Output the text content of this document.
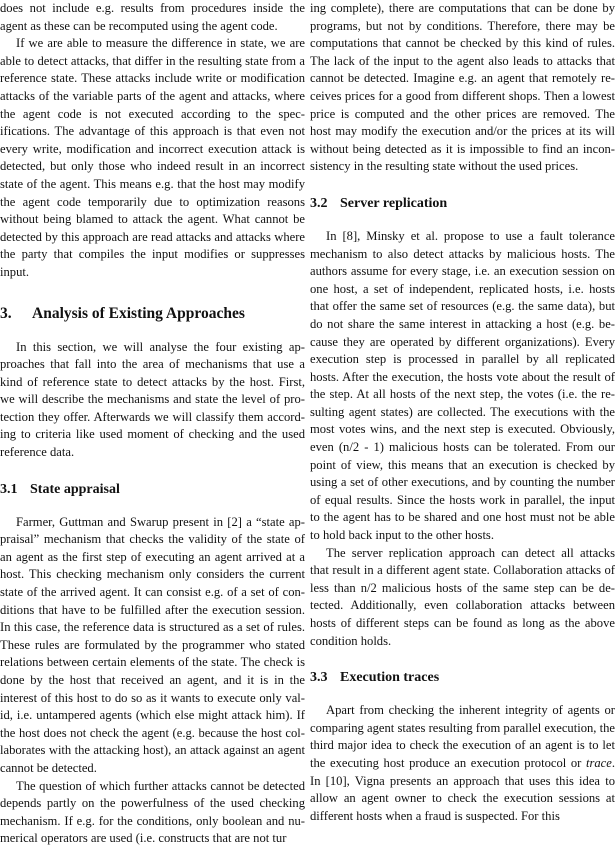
does not include e.g. results from procedures inside the agent as these can be recomputed using the agent code.

If we are able to measure the difference in state, we are able to detect attacks, that differ in the resulting state from a reference state. These attacks include write or modification attacks of the variable parts of the agent and attacks, where the agent code is not executed according to the specifications. The advantage of this approach is that even not every write, modification and incorrect execution attack is detected, but only those who indeed result in an incorrect state of the agent. This means e.g. that the host may modify the agent code temporarily due to optimization reasons without being blamed to attack the agent. What cannot be detected by this approach are read attacks and attacks where the party that compiles the input modifies or suppresses input.

3. Analysis of Existing Approaches

In this section, we will analyse the four existing approaches that fall into the area of mechanisms that use a kind of reference state to detect attacks by the host. First, we will describe the mechanisms and state the level of protection they offer. Afterwards we will classify them according to criteria like used moment of checking and the used reference data.

3.1 State appraisal

Farmer, Guttman and Swarup present in [2] a “state appraisal” mechanism that checks the validity of the state of an agent as the first step of executing an agent arrived at a host. This checking mechanism only considers the current state of the arrived agent. It can consist e.g. of a set of conditions that have to be fulfilled after the execution session. In this case, the reference data is structured as a set of rules. These rules are formulated by the programmer who stated relations between certain elements of the state. The check is done by the host that received an agent, and it is in the interest of this host to do so as it wants to execute only valid, i.e. untampered agents (which else might attack him). If the host does not check the agent (e.g. because the host collaborates with the attacking host), an attack against an agent cannot be detected.

The question of which further attacks cannot be detected depends partly on the powerfulness of the used checking mechanism. If e.g. for the conditions, only boolean and numerical operators are used (i.e. constructs that are not tur

ing complete), there are computations that can be done by programs, but not by conditions. Therefore, there may be computations that cannot be checked by this kind of rules. The lack of the input to the agent also leads to attacks that cannot be detected. Imagine e.g. an agent that remotely receives prices for a good from different shops. Then a lowest price is computed and the other prices are removed. The host may modify the execution and/or the prices at its will without being detected as it is impossible to find an inconsistency in the resulting state without the used prices.

3.2 Server replication

In [8], Minsky et al. propose to use a fault tolerance mechanism to also detect attacks by malicious hosts. The authors assume for every stage, i.e. an execution session on one host, a set of independent, replicated hosts, i.e. hosts that offer the same set of resources (e.g. the same data), but do not share the same interest in attacking a host (e.g. because they are operated by different organizations). Every execution step is processed in parallel by all replicated hosts. After the execution, the hosts vote about the result of the step. At all hosts of the next step, the votes (i.e. the resulting agent states) are collected. The executions with the most votes wins, and the next step is executed. Obviously, even (n/2 - 1) malicious hosts can be tolerated. From our point of view, this means that an execution is checked by using a set of other executions, and by counting the number of equal results. Since the hosts work in parallel, the input to the agent has to be shared and one host must not be able to hold back input to the other hosts.

The server replication approach can detect all attacks that result in a different agent state. Collaboration attacks of less than n/2 malicious hosts of the same step can be detected. Additionally, even collaboration attacks between hosts of different steps can be found as long as the above condition holds.

3.3 Execution traces

Apart from checking the inherent integrity of agents or comparing agent states resulting from parallel execution, the third major idea to check the execution of an agent is to let the executing host produce an execution protocol or trace. In [10], Vigna presents an approach that uses this idea to allow an agent owner to check the execution sessions at different hosts when a fraud is suspected. For this
